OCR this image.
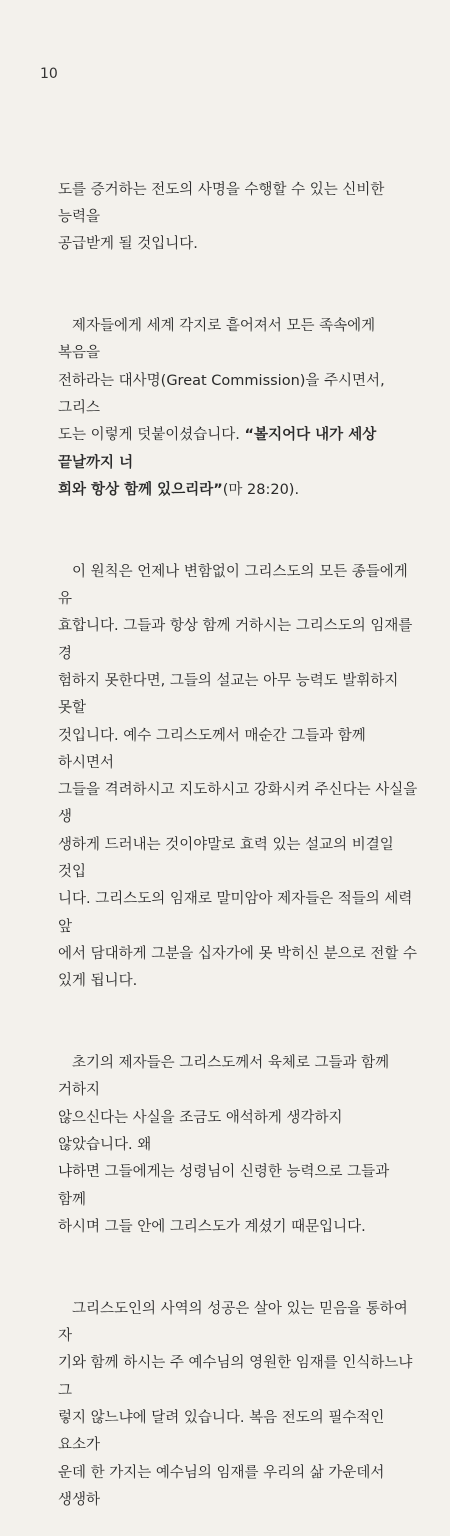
10

도를 증거하는 전도의 사명을 수행할 수 있는 신비한 능력을
공급받게 될 것입니다.

제자들에게 세계 각지로 흩어져서 모든 족속에게 복음을
전하라는 대사명(Great Commission)을 주시면서, 그리스
도는 이렇게 덧붙이셨습니다. “볼지어다 내가 세상 끝날까지 너
희와 항상 함께 있으리라”(마 28:20).

이 원칙은 언제나 변함없이 그리스도의 모든 종들에게 유
효합니다. 그들과 항상 함께 거하시는 그리스도의 임재를 경
험하지 못한다면, 그들의 설교는 아무 능력도 발휘하지 못할
것입니다. 예수 그리스도께서 매순간 그들과 함께 하시면서
그들을 격려하시고 지도하시고 강화시켜 주신다는 사실을 생
생하게 드러내는 것이야말로 효력 있는 설교의 비결일 것입
니다. 그리스도의 임재로 말미암아 제자들은 적들의 세력 앞
에서 담대하게 그분을 십자가에 못 박히신 분으로 전할 수
있게 됩니다.

초기의 제자들은 그리스도께서 육체로 그들과 함께 거하지
않으신다는 사실을 조금도 애석하게 생각하지 않았습니다. 왜
냐하면 그들에게는 성령님이 신령한 능력으로 그들과 함께
하시며 그들 안에 그리스도가 계셨기 때문입니다.

그리스도인의 사역의 성공은 살아 있는 믿음을 통하여 자
기와 함께 하시는 주 예수님의 영원한 임재를 인식하느냐 그
렇지 않느냐에 달려 있습니다. 복음 전도의 필수적인 요소가
운데 한 가지는 예수님의 임재를 우리의 삶 가운데서 생생하
